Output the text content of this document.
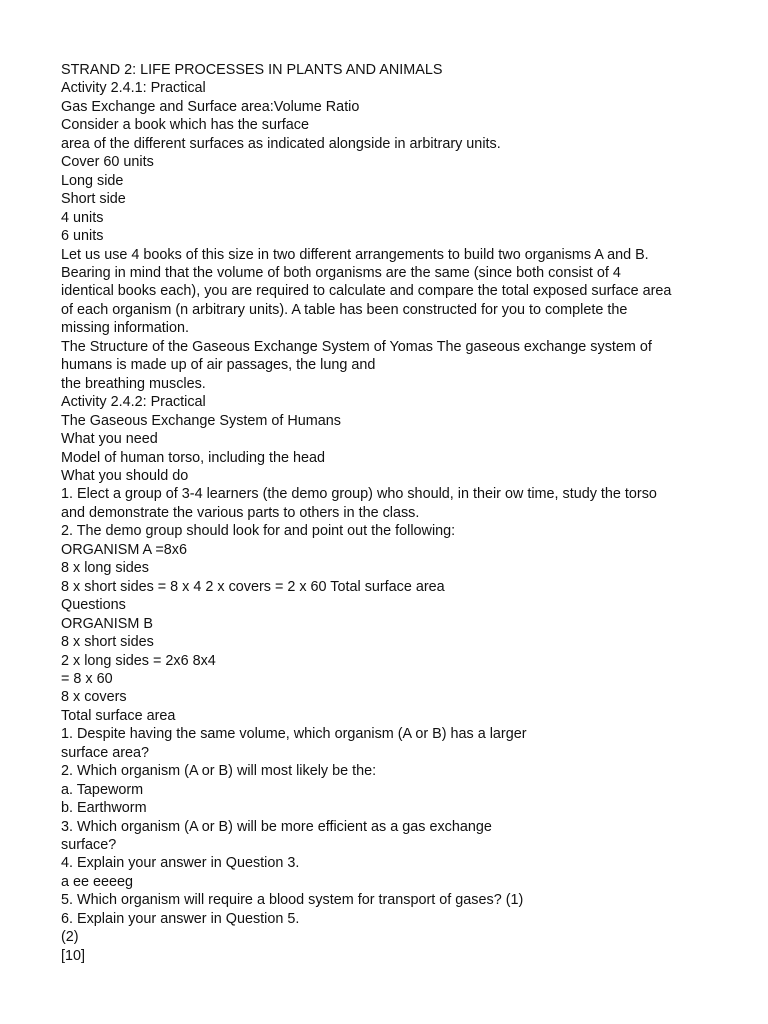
STRAND 2: LIFE PROCESSES IN PLANTS AND ANIMALS
Activity 2.4.1: Practical
Gas Exchange and Surface area:Volume Ratio
Consider a book which has the surface
area of the different surfaces as indicated alongside in arbitrary units.
Cover 60 units
Long side
Short side
4 units
6 units
Let us use 4 books of this size in two different arrangements to build two organisms A and B.
Bearing in mind that the volume of both organisms are the same (since both consist of 4
identical books each), you are required to calculate and compare the total exposed surface area
of each organism (n arbitrary units). A table has been constructed for you to complete the
missing information.
The Structure of the Gaseous Exchange System of Yomas The gaseous exchange system of
humans is made up of air passages, the lung and
the breathing muscles.
Activity 2.4.2: Practical
The Gaseous Exchange System of Humans
What you need
Model of human torso, including the head
What you should do
1. Elect a group of 3-4 learners (the demo group) who should, in their ow time, study the torso
and demonstrate the various parts to others in the class.
2. The demo group should look for and point out the following:
ORGANISM A =8x6
8 x long sides
8 x short sides = 8 x 4 2 x covers = 2 x 60 Total surface area
Questions
ORGANISM B
8 x short sides
2 x long sides = 2x6 8x4
= 8 x 60
8 x covers
Total surface area
1. Despite having the same volume, which organism (A or B) has a larger
surface area?
2. Which organism (A or B) will most likely be the:
a. Tapeworm
b. Earthworm
3. Which organism (A or B) will be more efficient as a gas exchange
surface?
4. Explain your answer in Question 3.
a ee eeeeg
5. Which organism will require a blood system for transport of gases? (1)
6. Explain your answer in Question 5.
(2)
[10]
